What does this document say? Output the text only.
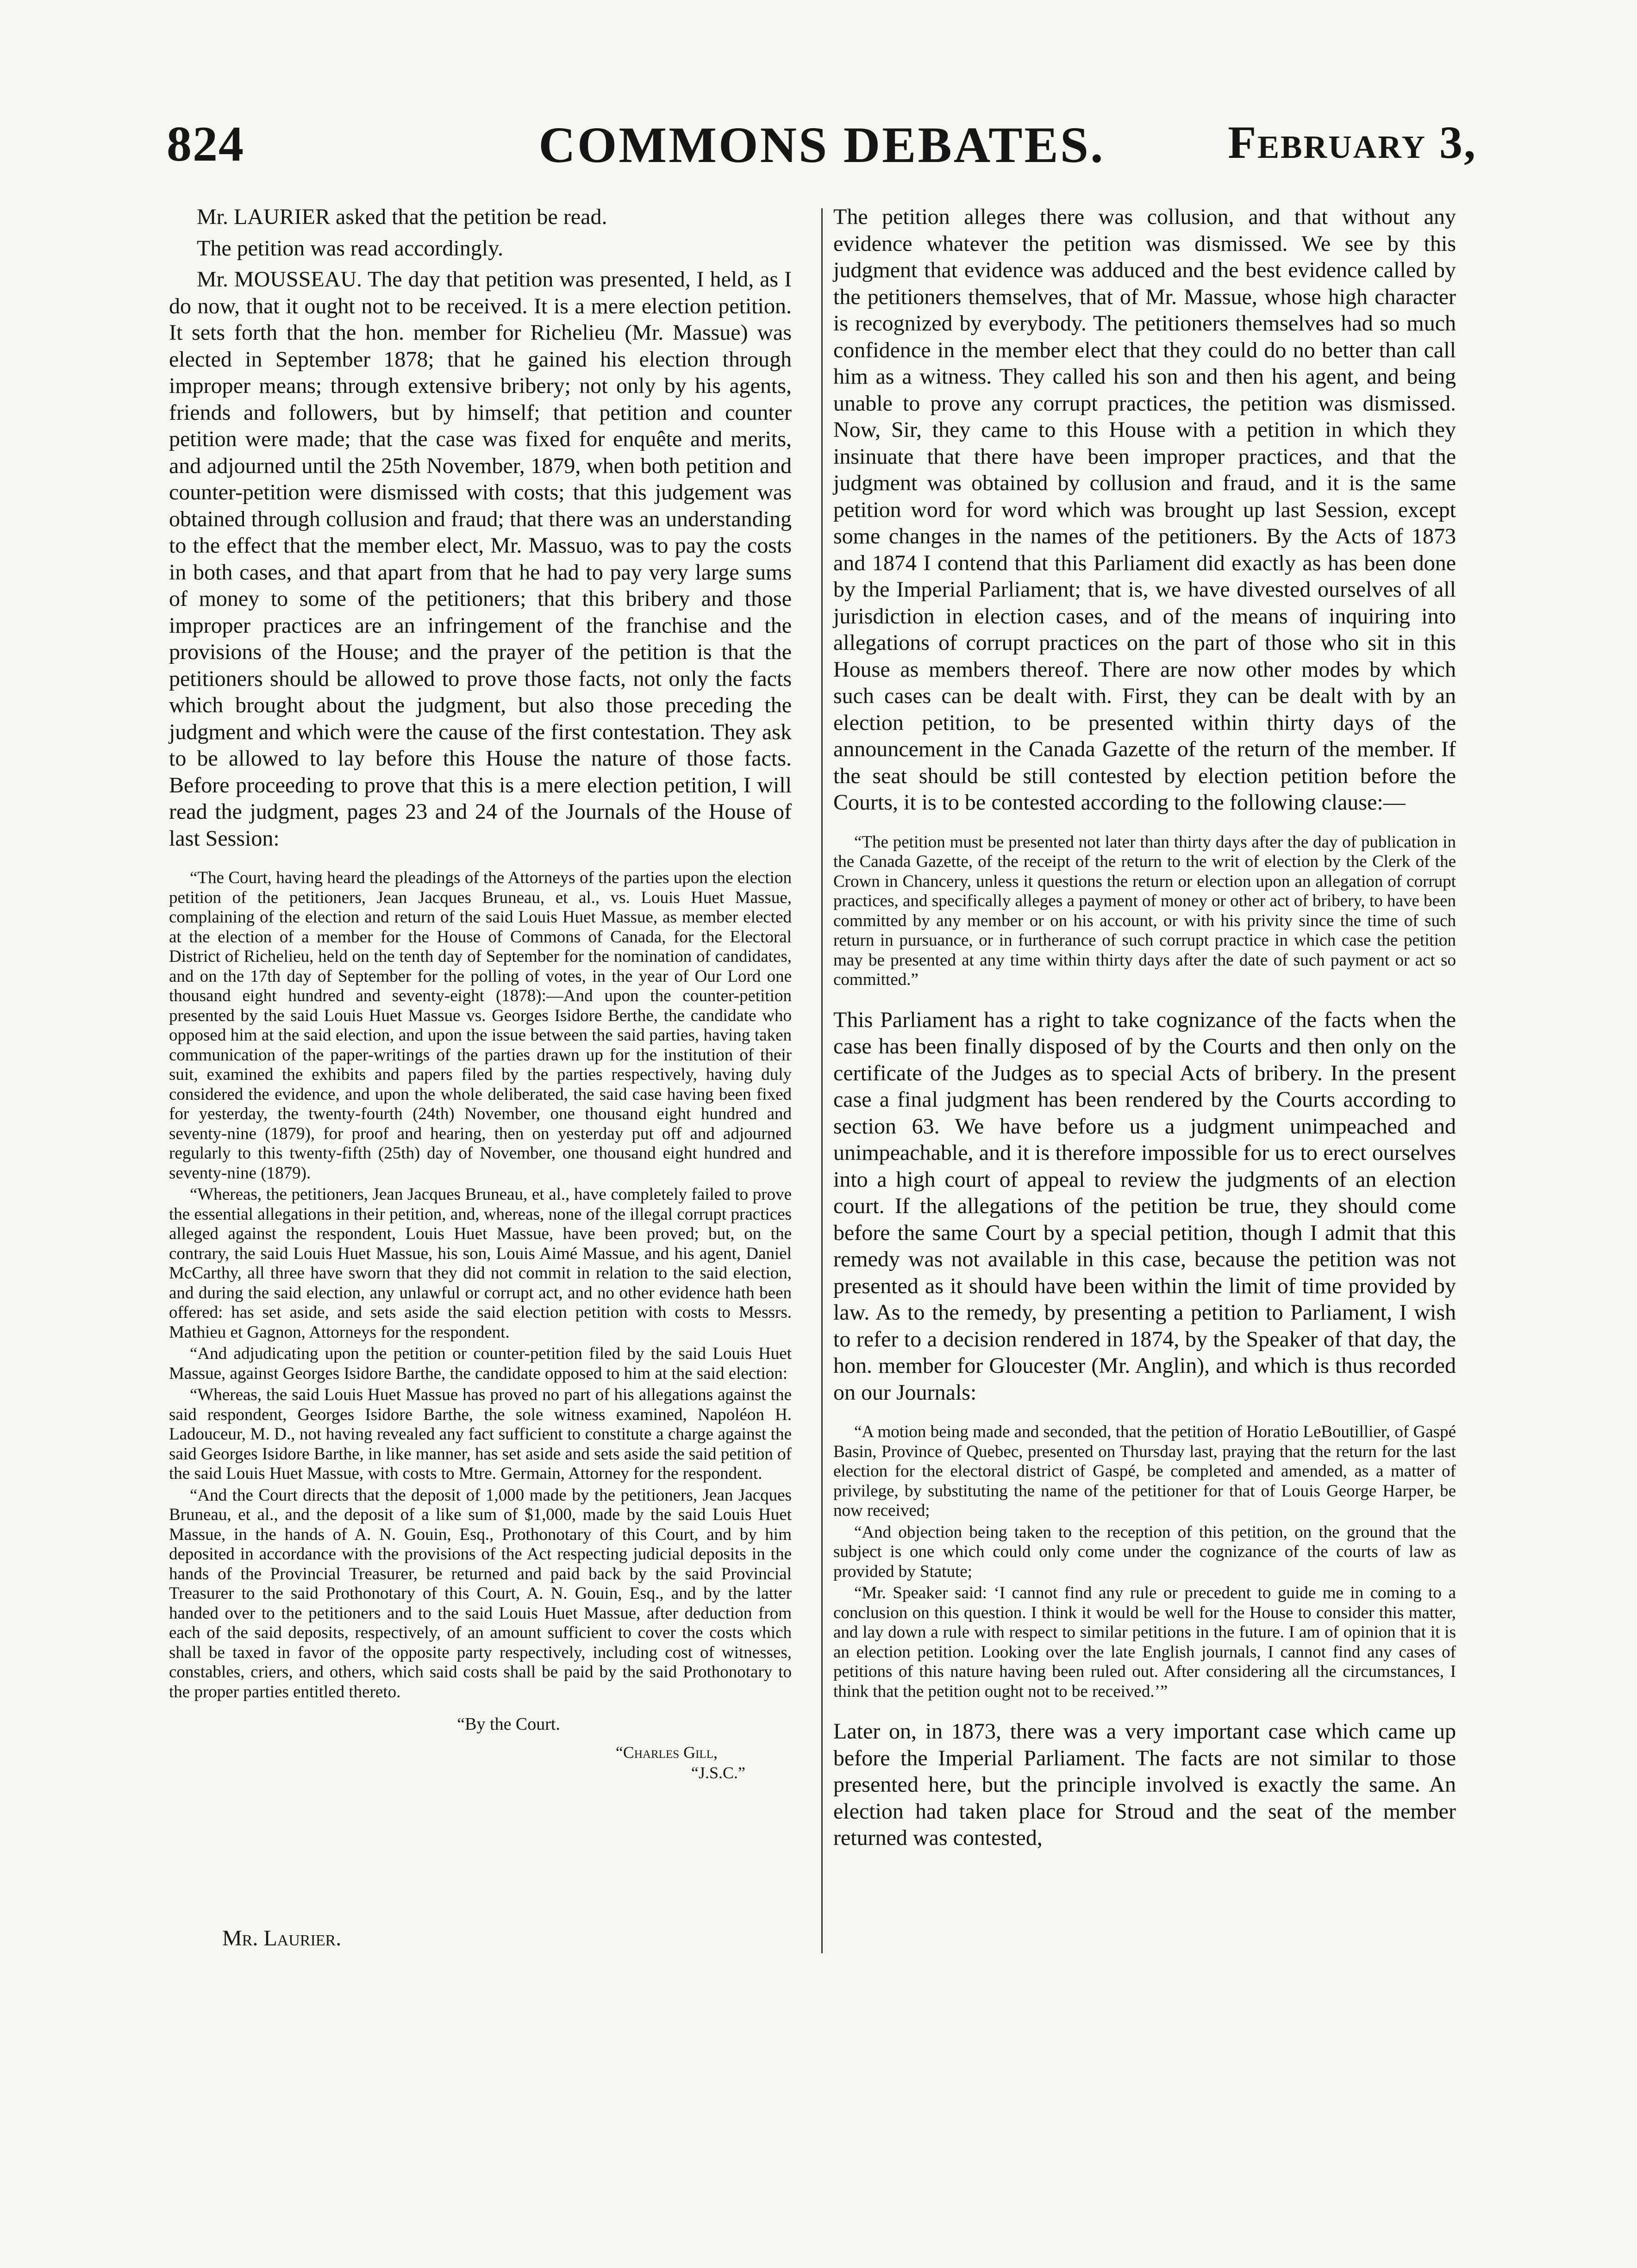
824	COMMONS DEBATES.	February 3,

Mr. LAURIER asked that the petition be read.

The petition was read accordingly.

Mr. MOUSSEAU. The day that petition was presented, I held, as I do now, that it ought not to be received. It is a mere election petition. It sets forth that the hon. member for Richelieu (Mr. Massue) was elected in September 1878; that he gained his election through improper means; through extensive bribery; not only by his agents, friends and followers, but by himself; that petition and counter petition were made; that the case was fixed for enquête and merits, and adjourned until the 25th November, 1879, when both petition and counter-petition were dismissed with costs; that this judgement was obtained through collusion and fraud; that there was an understanding to the effect that the member elect, Mr. Massuo, was to pay the costs in both cases, and that apart from that he had to pay very large sums of money to some of the petitioners; that this bribery and those improper practices are an infringement of the franchise and the provisions of the House; and the prayer of the petition is that the petitioners should be allowed to prove those facts, not only the facts which brought about the judgment, but also those preceding the judgment and which were the cause of the first contestation. They ask to be allowed to lay before this House the nature of those facts. Before proceeding to prove that this is a mere election petition, I will read the judgment, pages 23 and 24 of the Journals of the House of last Session:

“The Court, having heard the pleadings of the Attorneys of the parties upon the election petition of the petitioners, Jean Jacques Bruneau, et al., vs. Louis Huet Massue, complaining of the election and return of the said Louis Huet Massue, as member elected at the election of a member for the House of Commons of Canada, for the Electoral District of Richelieu, held on the tenth day of September for the nomination of candidates, and on the 17th day of September for the polling of votes, in the year of Our Lord one thousand eight hundred and seventy-eight (1878):—And upon the counter-petition presented by the said Louis Huet Massue vs. Georges Isidore Berthe, the candidate who opposed him at the said election, and upon the issue between the said parties, having taken communication of the paper-writings of the parties drawn up for the institution of their suit, examined the exhibits and papers filed by the parties respectively, having duly considered the evidence, and upon the whole deliberated, the said case having been fixed for yesterday, the twenty-fourth (24th) November, one thousand eight hundred and seventy-nine (1879), for proof and hearing, then on yesterday put off and adjourned regularly to this twenty-fifth (25th) day of November, one thousand eight hundred and seventy-nine (1879).

“Whereas, the petitioners, Jean Jacques Bruneau, et al., have completely failed to prove the essential allegations in their petition, and, whereas, none of the illegal corrupt practices alleged against the respondent, Louis Huet Massue, have been proved; but, on the contrary, the said Louis Huet Massue, his son, Louis Aimé Massue, and his agent, Daniel McCarthy, all three have sworn that they did not commit in relation to the said election, and during the said election, any unlawful or corrupt act, and no other evidence hath been offered: has set aside, and sets aside the said election petition with costs to Messrs. Mathieu et Gagnon, Attorneys for the respondent.

“And adjudicating upon the petition or counter-petition filed by the said Louis Huet Massue, against Georges Isidore Barthe, the candidate opposed to him at the said election:

“Whereas, the said Louis Huet Massue has proved no part of his allegations against the said respondent, Georges Isidore Barthe, the sole witness examined, Napoléon H. Ladouceur, M. D., not having revealed any fact sufficient to constitute a charge against the said Georges Isidore Barthe, in like manner, has set aside and sets aside the said petition of the said Louis Huet Massue, with costs to Mtre. Germain, Attorney for the respondent.

“And the Court directs that the deposit of 1,000 made by the petitioners, Jean Jacques Bruneau, et al., and the deposit of a like sum of $1,000, made by the said Louis Huet Massue, in the hands of A. N. Gouin, Esq., Prothonotary of this Court, and by him deposited in accordance with the provisions of the Act respecting judicial deposits in the hands of the Provincial Treasurer, be returned and paid back by the said Provincial Treasurer to the said Prothonotary of this Court, A. N. Gouin, Esq., and by the latter handed over to the petitioners and to the said Louis Huet Massue, after deduction from each of the said deposits, respectively, of an amount sufficient to cover the costs which shall be taxed in favor of the opposite party respectively, including cost of witnesses, constables, criers, and others, which said costs shall be paid by the said Prothonotary to the proper parties entitled thereto.

“By the Court.

“Charles Gill,

“J.S.C.”

The petition alleges there was collusion, and that without any evidence whatever the petition was dismissed. We see by this judgment that evidence was adduced and the best evidence called by the petitioners themselves, that of Mr. Massue, whose high character is recognized by everybody. The petitioners themselves had so much confidence in the member elect that they could do no better than call him as a witness. They called his son and then his agent, and being unable to prove any corrupt practices, the petition was dismissed. Now, Sir, they came to this House with a petition in which they insinuate that there have been improper practices, and that the judgment was obtained by collusion and fraud, and it is the same petition word for word which was brought up last Session, except some changes in the names of the petitioners. By the Acts of 1873 and 1874 I contend that this Parliament did exactly as has been done by the Imperial Parliament; that is, we have divested ourselves of all jurisdiction in election cases, and of the means of inquiring into allegations of corrupt practices on the part of those who sit in this House as members thereof. There are now other modes by which such cases can be dealt with. First, they can be dealt with by an election petition, to be presented within thirty days of the announcement in the Canada Gazette of the return of the member. If the seat should be still contested by election petition before the Courts, it is to be contested according to the following clause:—

“The petition must be presented not later than thirty days after the day of publication in the Canada Gazette, of the receipt of the return to the writ of election by the Clerk of the Crown in Chancery, unless it questions the return or election upon an allegation of corrupt practices, and specifically alleges a payment of money or other act of bribery, to have been committed by any member or on his account, or with his privity since the time of such return in pursuance, or in furtherance of such corrupt practice in which case the petition may be presented at any time within thirty days after the date of such payment or act so committed.”

This Parliament has a right to take cognizance of the facts when the case has been finally disposed of by the Courts and then only on the certificate of the Judges as to special Acts of bribery. In the present case a final judgment has been rendered by the Courts according to section 63. We have before us a judgment unimpeached and unimpeachable, and it is therefore impossible for us to erect ourselves into a high court of appeal to review the judgments of an election court. If the allegations of the petition be true, they should come before the same Court by a special petition, though I admit that this remedy was not available in this case, because the petition was not presented as it should have been within the limit of time provided by law. As to the remedy, by presenting a petition to Parliament, I wish to refer to a decision rendered in 1874, by the Speaker of that day, the hon. member for Gloucester (Mr. Anglin), and which is thus recorded on our Journals:

“A motion being made and seconded, that the petition of Horatio LeBoutillier, of Gaspé Basin, Province of Quebec, presented on Thursday last, praying that the return for the last election for the electoral district of Gaspé, be completed and amended, as a matter of privilege, by substituting the name of the petitioner for that of Louis George Harper, be now received;

“And objection being taken to the reception of this petition, on the ground that the subject is one which could only come under the cognizance of the courts of law as provided by Statute;

“Mr. Speaker said: ‘I cannot find any rule or precedent to guide me in coming to a conclusion on this question. I think it would be well for the House to consider this matter, and lay down a rule with respect to similar petitions in the future. I am of opinion that it is an election petition. Looking over the late English journals, I cannot find any cases of petitions of this nature having been ruled out. After considering all the circumstances, I think that the petition ought not to be received.’”

Later on, in 1873, there was a very important case which came up before the Imperial Parliament. The facts are not similar to those presented here, but the principle involved is exactly the same. An election had taken place for Stroud and the seat of the member returned was contested,

Mr. Laurier.
